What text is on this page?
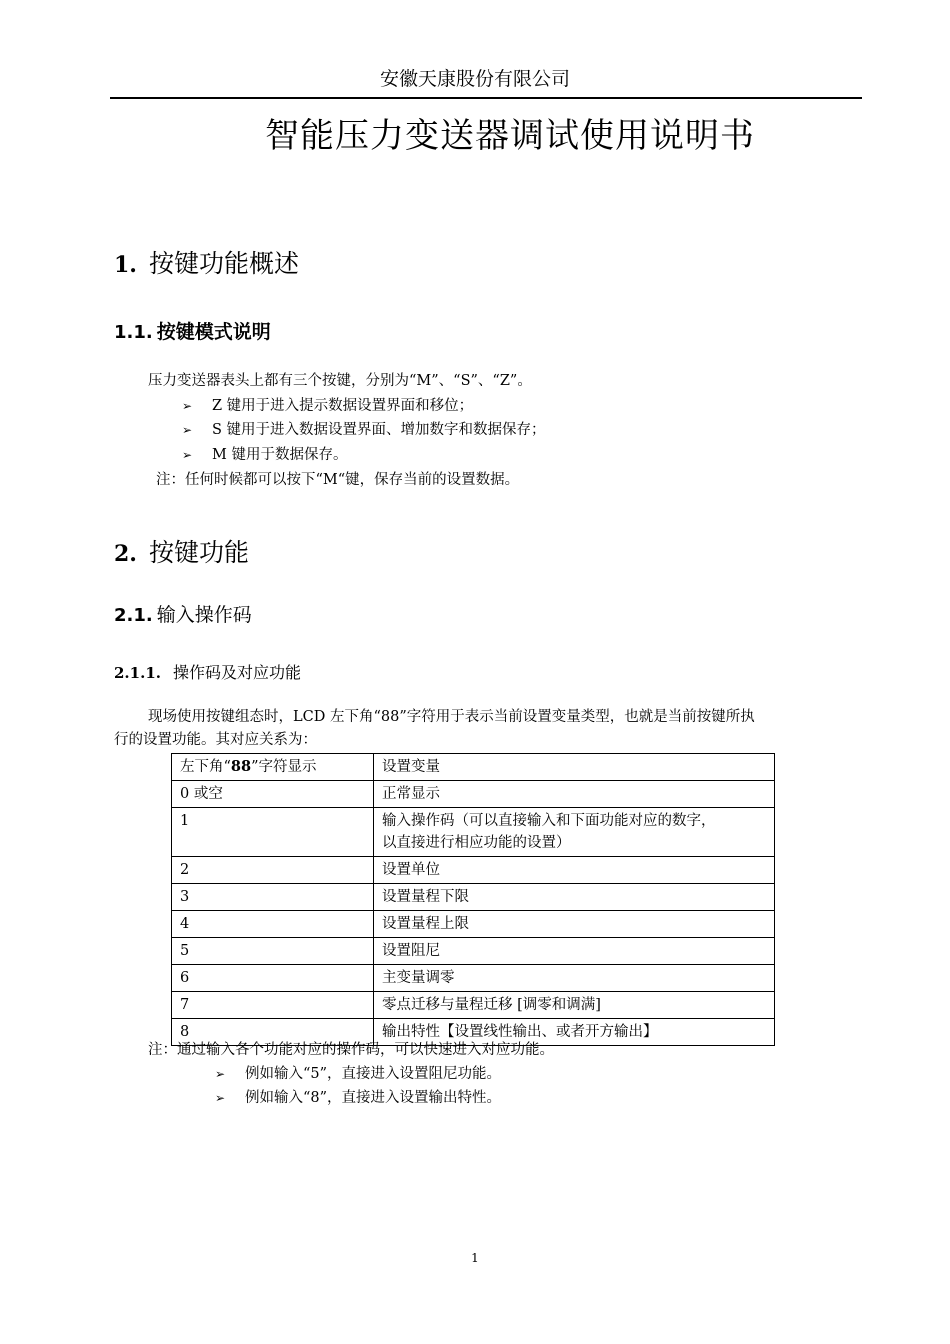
安徽天康股份有限公司
智能压力变送器调试使用说明书
1. 按键功能概述
1.1. 按键模式说明
压力变送器表头上都有三个按键，分别为“M”、“S”、“Z”。
➢ Z 键用于进入提示数据设置界面和移位；
➢ S 键用于进入数据设置界面、增加数字和数据保存；
➢ M 键用于数据保存。
注：任何时候都可以按下“M“键，保存当前的设置数据。
2. 按键功能
2.1. 输入操作码
2.1.1. 操作码及对应功能
现场使用按键组态时，LCD 左下角“88”字符用于表示当前设置变量类型，也就是当前按键所执
行的设置功能。其对应关系为：
左下角“88”字符显示	设置变量
0 或空	正常显示
1	输入操作码（可以直接输入和下面功能对应的数字，
以直接进行相应功能的设置）

2	设置单位
3	设置量程下限
4	设置量程上限
5	设置阻尼
6	主变量调零
7	零点迁移与量程迁移 [调零和调满]
8	输出特性【设置线性输出、或者开方输出】
注：通过输入各个功能对应的操作码，可以快速进入对应功能。
➢ 例如输入“5”，直接进入设置阻尼功能。
➢ 例如输入“8”，直接进入设置输出特性。
1
